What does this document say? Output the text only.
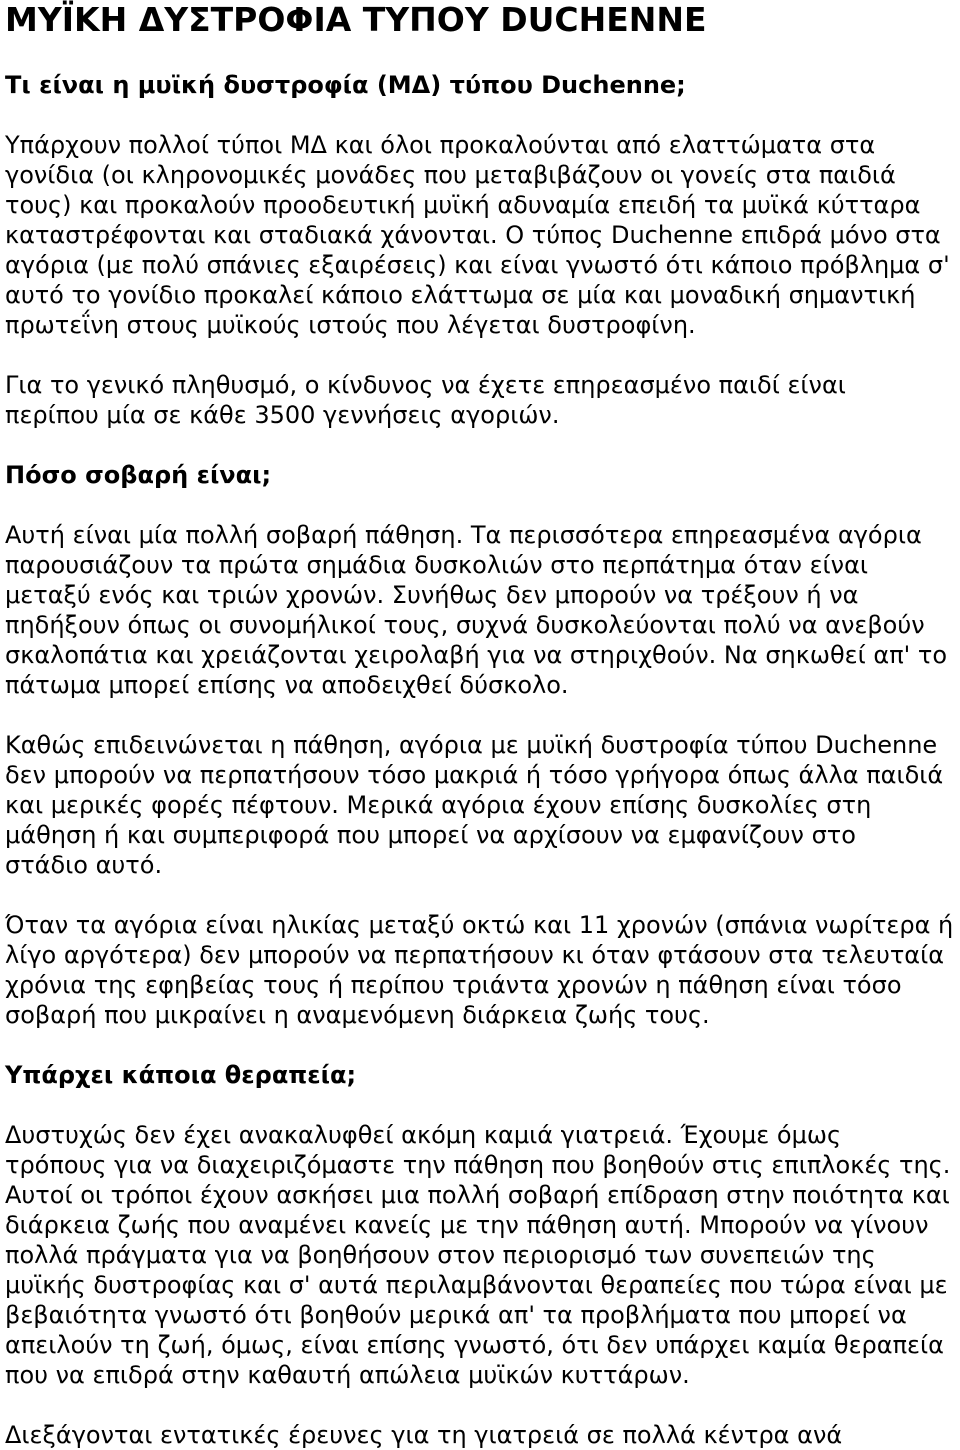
ΜΥΪΚΗ ΔΥΣΤΡΟΦΙΑ ΤΥΠΟΥ DUCHENNE
Τι είναι η μυϊκή δυστροφία (ΜΔ) τύπου Duchenne;
Υπάρχουν πολλοί τύποι ΜΔ και όλοι προκαλούνται από ελαττώματα στα
γονίδια (οι κληρονομικές μονάδες που μεταβιβάζουν οι γονείς στα παιδιά
τους) και προκαλούν προοδευτική μυϊκή αδυναμία επειδή τα μυϊκά κύτταρα
καταστρέφονται και σταδιακά χάνονται. Ο τύπος Duchenne επιδρά μόνο στα
αγόρια (με πολύ σπάνιες εξαιρέσεις) και είναι γνωστό ότι κάποιο πρόβλημα σ'
αυτό το γονίδιο προκαλεί κάποιο ελάττωμα σε μία και μοναδική σημαντική
πρωτεΐνη στους μυϊκούς ιστούς που λέγεται δυστροφίνη.
Για το γενικό πληθυσμό, ο κίνδυνος να έχετε επηρεασμένο παιδί είναι
περίπου μία σε κάθε 3500 γεννήσεις αγοριών.
Πόσο σοβαρή είναι;
Αυτή είναι μία πολλή σοβαρή πάθηση. Τα περισσότερα επηρεασμένα αγόρια
παρουσιάζουν τα πρώτα σημάδια δυσκολιών στο περπάτημα όταν είναι
μεταξύ ενός και τριών χρονών. Συνήθως δεν μπορούν να τρέξουν ή να
πηδήξουν όπως οι συνομήλικοί τους, συχνά δυσκολεύονται πολύ να ανεβούν
σκαλοπάτια και χρειάζονται χειρολαβή για να στηριχθούν. Να σηκωθεί απ' το
πάτωμα μπορεί επίσης να αποδειχθεί δύσκολο.
Καθώς επιδεινώνεται η πάθηση, αγόρια με μυϊκή δυστροφία τύπου Duchenne
δεν μπορούν να περπατήσουν τόσο μακριά ή τόσο γρήγορα όπως άλλα παιδιά
και μερικές φορές πέφτουν. Μερικά αγόρια έχουν επίσης δυσκολίες στη
μάθηση ή και συμπεριφορά που μπορεί να αρχίσουν να εμφανίζουν στο
στάδιο αυτό.
Όταν τα αγόρια είναι ηλικίας μεταξύ οκτώ και 11 χρονών (σπάνια νωρίτερα ή
λίγο αργότερα) δεν μπορούν να περπατήσουν κι όταν φτάσουν στα τελευταία
χρόνια της εφηβείας τους ή περίπου τριάντα χρονών η πάθηση είναι τόσο
σοβαρή που μικραίνει η αναμενόμενη διάρκεια ζωής τους.
Υπάρχει κάποια θεραπεία;
Δυστυχώς δεν έχει ανακαλυφθεί ακόμη καμιά γιατρειά. Έχουμε όμως
τρόπους για να διαχειριζόμαστε την πάθηση που βοηθούν στις επιπλοκές της.
Αυτοί οι τρόποι έχουν ασκήσει μια πολλή σοβαρή επίδραση στην ποιότητα και
διάρκεια ζωής που αναμένει κανείς με την πάθηση αυτή. Μπορούν να γίνουν
πολλά πράγματα για να βοηθήσουν στον περιορισμό των συνεπειών της
μυϊκής δυστροφίας και σ' αυτά περιλαμβάνονται θεραπείες που τώρα είναι με
βεβαιότητα γνωστό ότι βοηθούν μερικά απ' τα προβλήματα που μπορεί να
απειλούν τη ζωή, όμως, είναι επίσης γνωστό, ότι δεν υπάρχει καμία θεραπεία
που να επιδρά στην καθαυτή απώλεια μυϊκών κυττάρων.
Διεξάγονται εντατικές έρευνες για τη γιατρειά σε πολλά κέντρα ανά
